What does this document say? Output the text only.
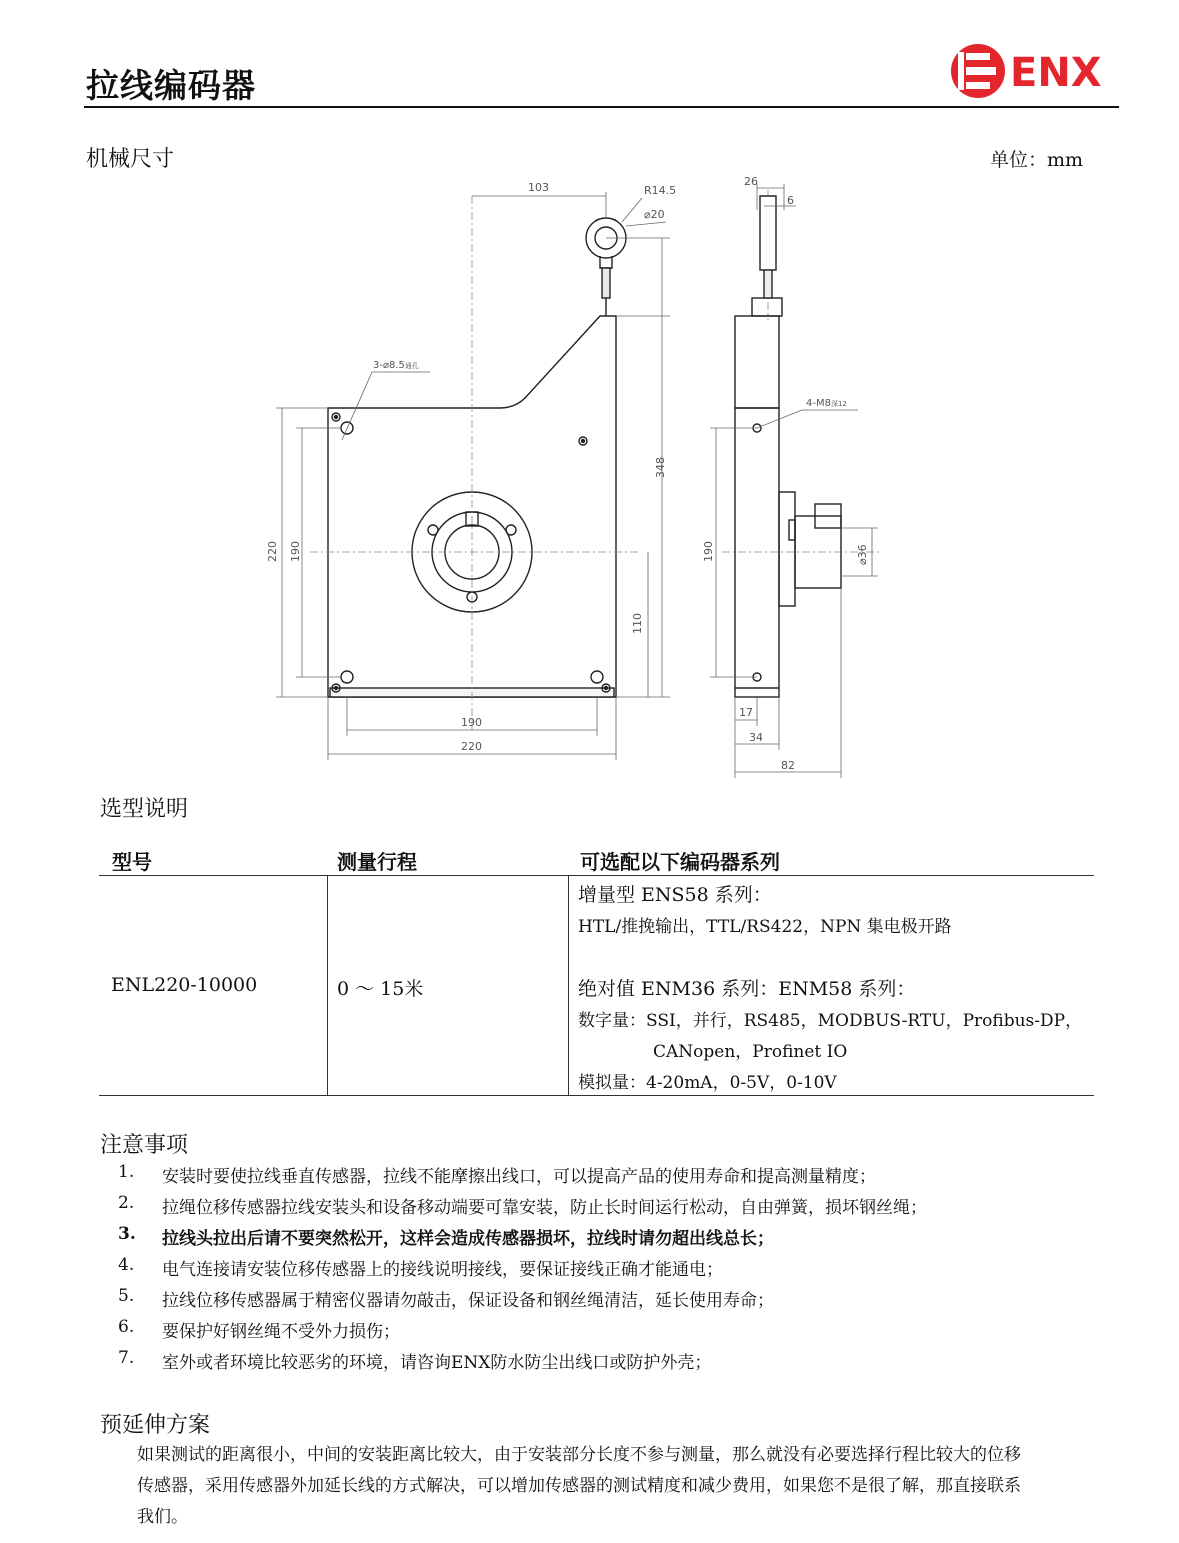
拉线编码器	ENX
机械尺寸	单位：mm
103	R14.5
⌀20
3-⌀8.5通孔
348
220 190
110
190
220
26
6
4-M8深12
190	⌀36
17
34
82
选型说明
型号	测量行程	可选配以下编码器系列
ENL220-10000	0 ～ 15米
增量型 ENS58 系列：
HTL/推挽输出，TTL/RS422，NPN 集电极开路
绝对值 ENM36 系列：ENM58 系列：
数字量：SSI，并行，RS485，MODBUS-RTU，Profibus-DP，
CANopen，Profinet IO
模拟量：4-20mA，0-5V，0-10V
注意事项
1.	安装时要使拉线垂直传感器，拉线不能摩擦出线口，可以提高产品的使用寿命和提高测量精度；
2.	拉绳位移传感器拉线安装头和设备移动端要可靠安装，防止长时间运行松动，自由弹簧，损坏钢丝绳；
3.	拉线头拉出后请不要突然松开，这样会造成传感器损坏，拉线时请勿超出线总长；
4.	电气连接请安装位移传感器上的接线说明接线，要保证接线正确才能通电；
5.	拉线位移传感器属于精密仪器请勿敲击，保证设备和钢丝绳清洁，延长使用寿命；
6.	要保护好钢丝绳不受外力损伤；
7.	室外或者环境比较恶劣的环境，请咨询ENX防水防尘出线口或防护外壳；
预延伸方案
如果测试的距离很小，中间的安装距离比较大，由于安装部分长度不参与测量，那么就没有必要选择行程比较大的位移
传感器，采用传感器外加延长线的方式解决，可以增加传感器的测试精度和减少费用，如果您不是很了解，那直接联系
我们。
